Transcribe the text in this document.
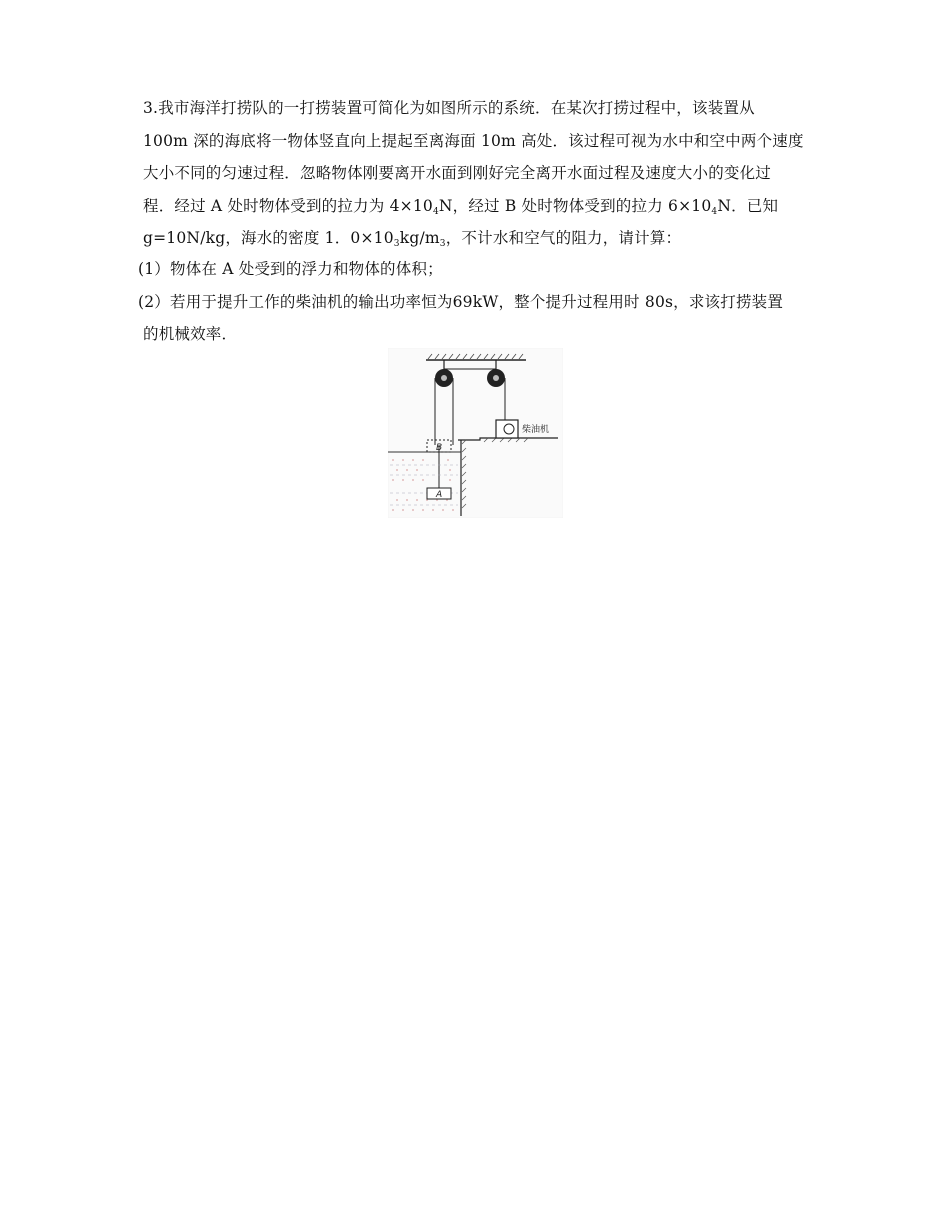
3.我市海洋打捞队的一打捞装置可简化为如图所示的系统．在某次打捞过程中，该装置从
100m 深的海底将一物体竖直向上提起至离海面 10m 高处．该过程可视为水中和空中两个速度
大小不同的匀速过程．忽略物体刚要离开水面到刚好完全离开水面过程及速度大小的变化过
程．经过 A 处时物体受到的拉力为 $4\times 10_4N$，经过 B 处时物体受到的拉力 $6\times 10_4N$．已知
g=10N/kg，海水的密度 1．$0\times 10_3kg/m_3$，不计水和空气的阻力，请计算：
(1）物体在 A 处受到的浮力和物体的体积；
(2）若用于提升工作的柴油机的输出功率恒为69kW，整个提升过程用时 80s，求该打捞装置
的机械效率．
柴油机
B
A
